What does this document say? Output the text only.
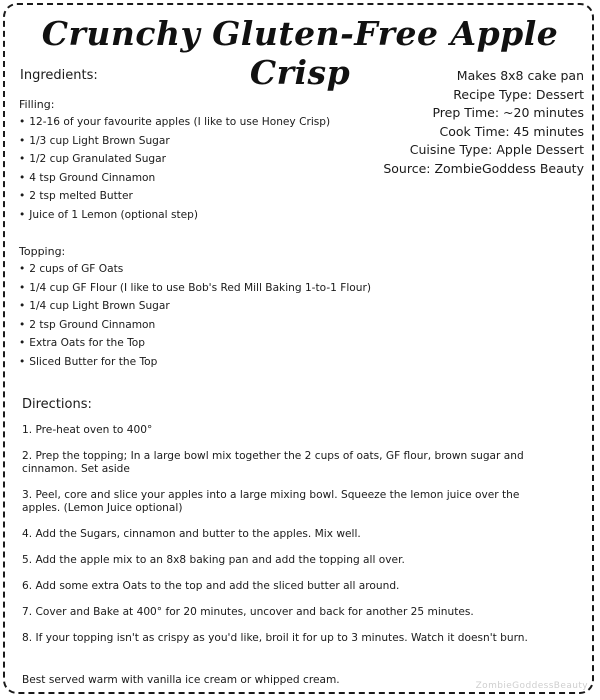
Crunchy Gluten-Free Apple Crisp
Ingredients:	Makes 8x8 cake pan
Recipe Type: Dessert
Prep Time: ~20 minutes
Cook Time: 45 minutes
Cuisine Type: Apple Dessert
Source: ZombieGoddess Beauty
Filling:
• 12-16 of your favourite apples (I like to use Honey Crisp)
• 1/3 cup Light Brown Sugar
• 1/2 cup Granulated Sugar
• 4 tsp Ground Cinnamon
• 2 tsp melted Butter
• Juice of 1 Lemon (optional step)
Topping:
• 2 cups of GF Oats
• 1/4 cup GF Flour (I like to use Bob's Red Mill Baking 1-to-1 Flour)
• 1/4 cup Light Brown Sugar
• 2 tsp Ground Cinnamon
• Extra Oats for the Top
• Sliced Butter for the Top
Directions:
1. Pre-heat oven to 400°
2. Prep the topping; In a large bowl mix together the 2 cups of oats, GF flour, brown sugar and cinnamon. Set aside
3. Peel, core and slice your apples into a large mixing bowl. Squeeze the lemon juice over the apples. (Lemon Juice optional)
4. Add the Sugars, cinnamon and butter to the apples. Mix well.
5. Add the apple mix to an 8x8 baking pan and add the topping all over.
6. Add some extra Oats to the top and add the sliced butter all around.
7. Cover and Bake at 400° for 20 minutes, uncover and back for another 25 minutes.
8. If your topping isn't as crispy as you'd like, broil it for up to 3 minutes. Watch it doesn't burn.

Best served warm with vanilla ice cream or whipped cream.	ZombieGoddessBeauty
